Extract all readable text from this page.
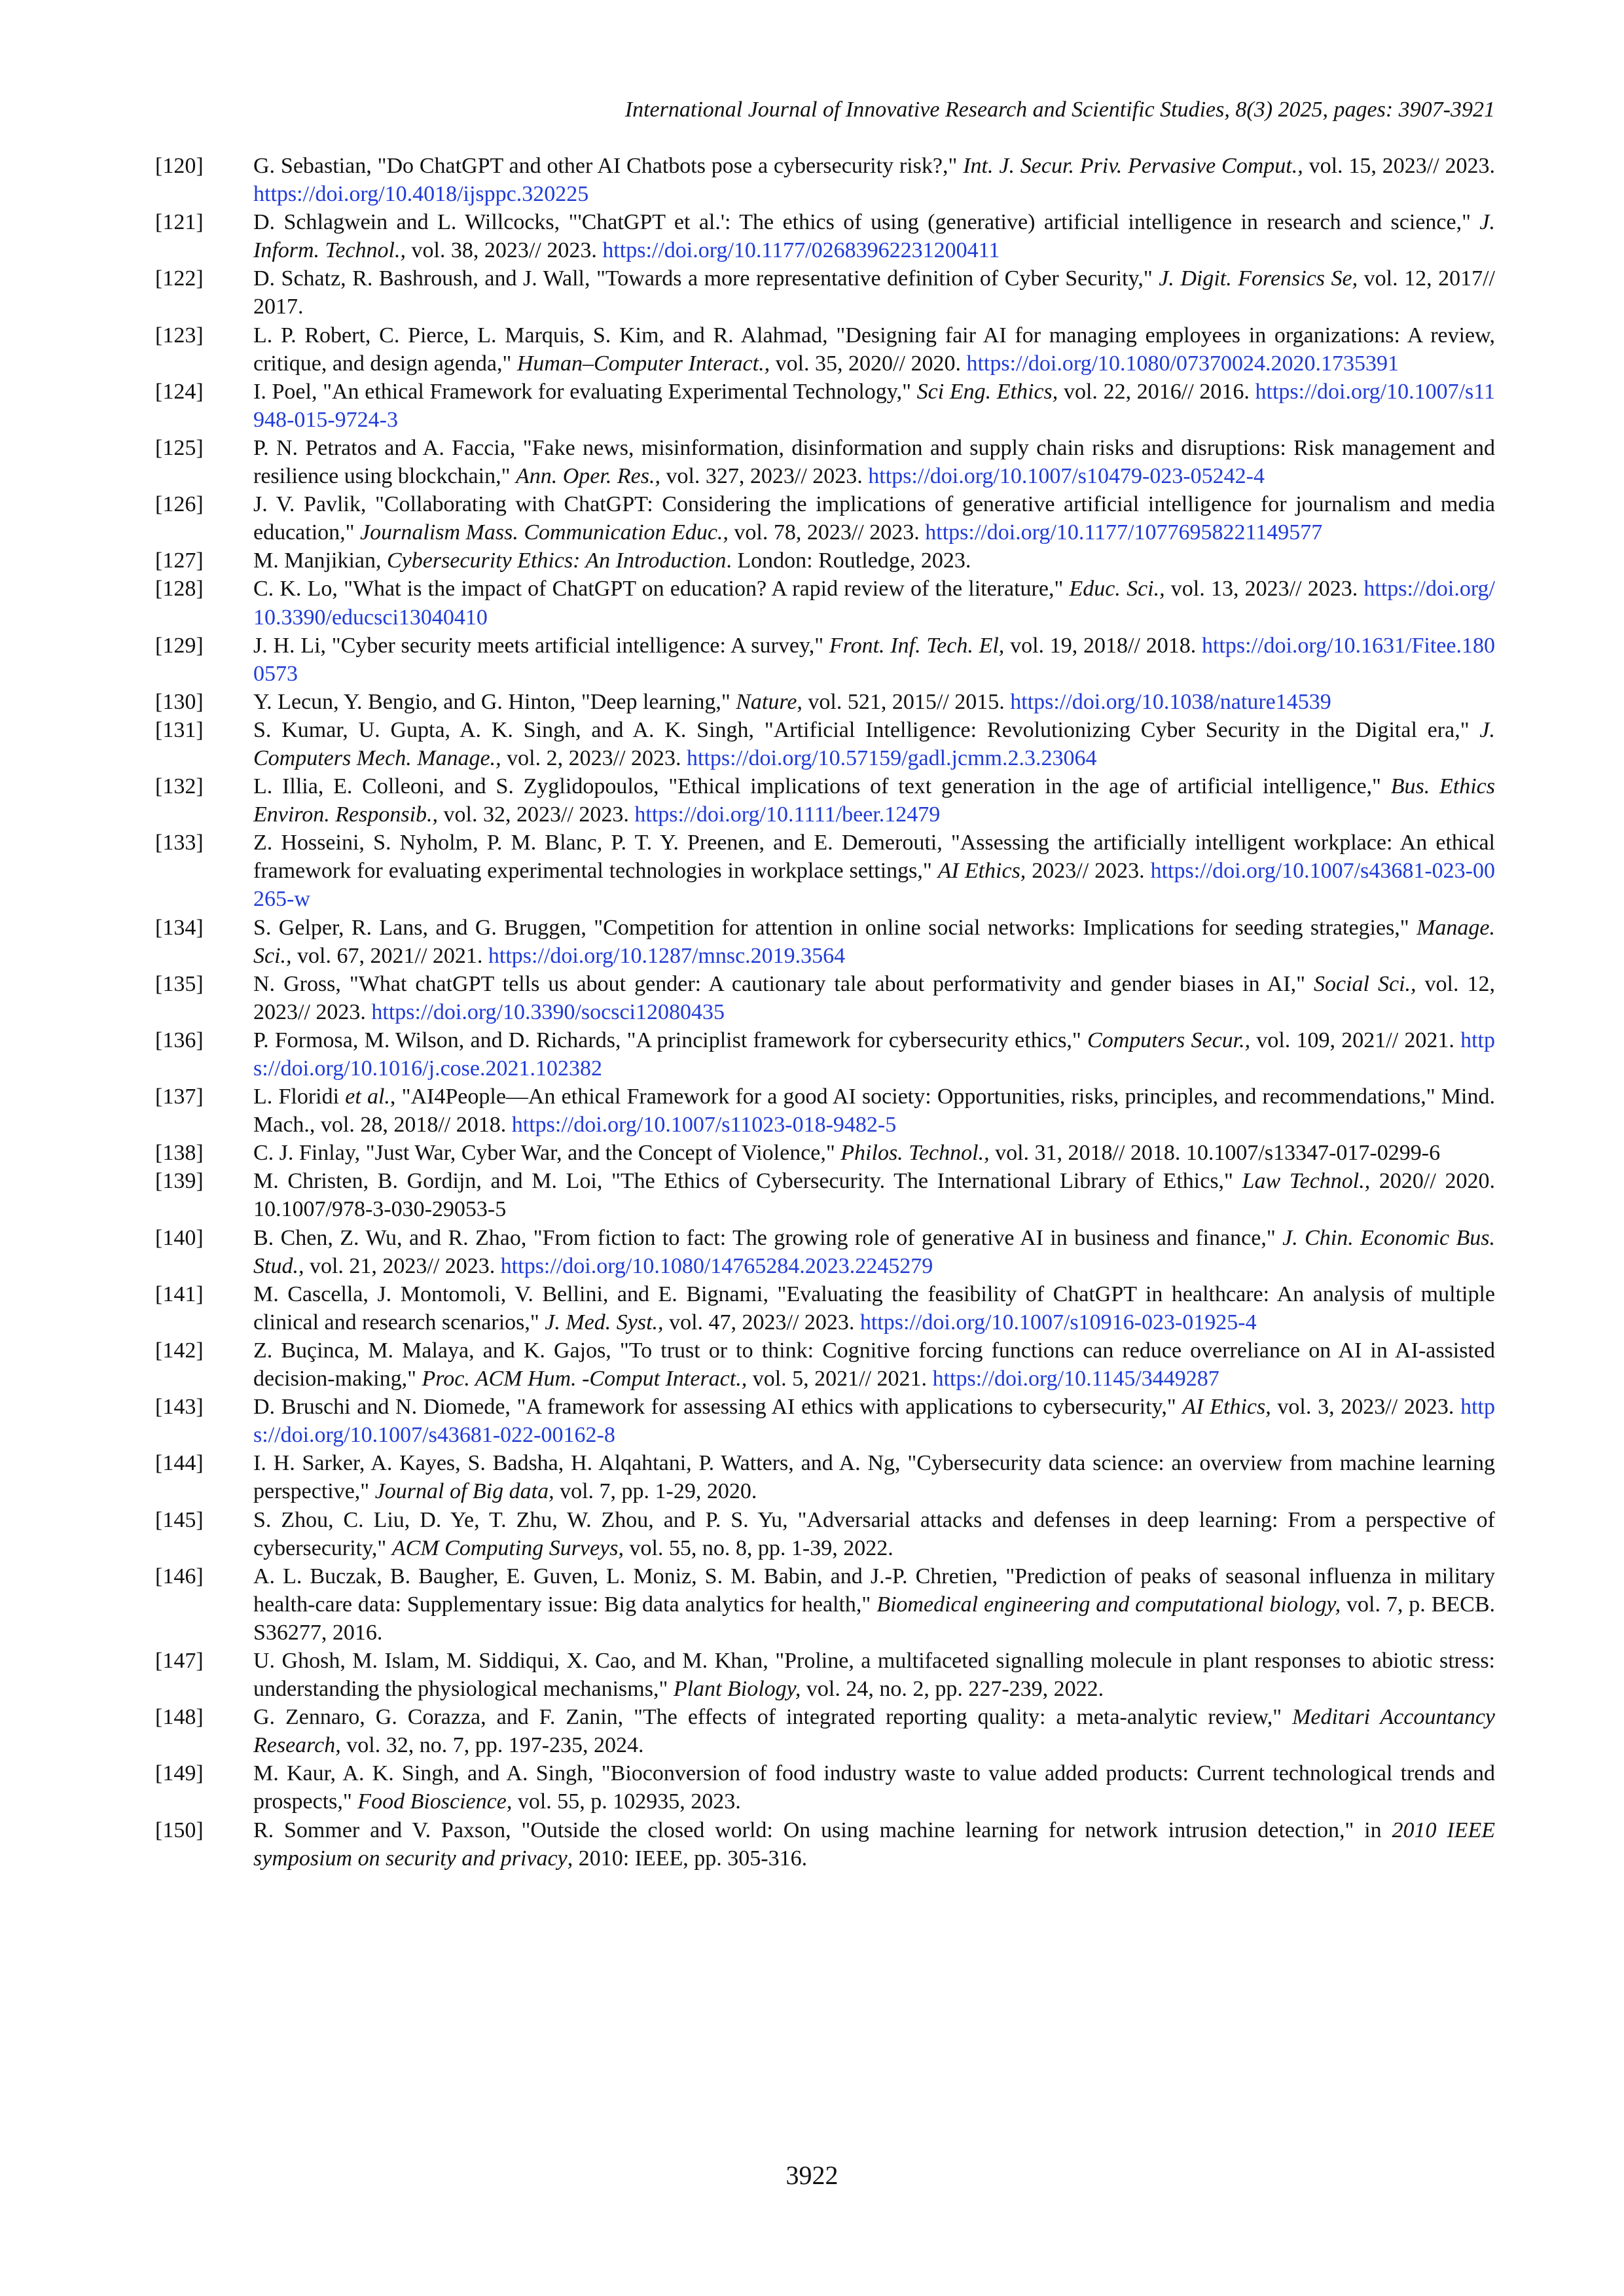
International Journal of Innovative Research and Scientific Studies, 8(3) 2025, pages: 3907-3921
[120]	G. Sebastian, "Do ChatGPT and other AI Chatbots pose a cybersecurity risk?," Int. J. Secur. Priv. Pervasive Comput., vol. 15, 2023// 2023. https://doi.org/10.4018/ijsppc.320225
[121]	D. Schlagwein and L. Willcocks, "'ChatGPT et al.': The ethics of using (generative) artificial intelligence in research and science," J. Inform. Technol., vol. 38, 2023// 2023. https://doi.org/10.1177/02683962231200411
[122]	D. Schatz, R. Bashroush, and J. Wall, "Towards a more representative definition of Cyber Security," J. Digit. Forensics Se, vol. 12, 2017// 2017.
[123]	L. P. Robert, C. Pierce, L. Marquis, S. Kim, and R. Alahmad, "Designing fair AI for managing employees in organizations: A review, critique, and design agenda," Human–Computer Interact., vol. 35, 2020// 2020. https://doi.org/10.1080/07370024.2020.1735391
[124]	I. Poel, "An ethical Framework for evaluating Experimental Technology," Sci Eng. Ethics, vol. 22, 2016// 2016. https://doi.org/10.1007/s11948-015-9724-3
[125]	P. N. Petratos and A. Faccia, "Fake news, misinformation, disinformation and supply chain risks and disruptions: Risk management and resilience using blockchain," Ann. Oper. Res., vol. 327, 2023// 2023. https://doi.org/10.1007/s10479-023-05242-4
[126]	J. V. Pavlik, "Collaborating with ChatGPT: Considering the implications of generative artificial intelligence for journalism and media education," Journalism Mass. Communication Educ., vol. 78, 2023// 2023. https://doi.org/10.1177/10776958221149577
[127]	M. Manjikian, Cybersecurity Ethics: An Introduction. London: Routledge, 2023.
[128]	C. K. Lo, "What is the impact of ChatGPT on education? A rapid review of the literature," Educ. Sci., vol. 13, 2023// 2023. https://doi.org/10.3390/educsci13040410
[129]	J. H. Li, "Cyber security meets artificial intelligence: A survey," Front. Inf. Tech. El, vol. 19, 2018// 2018. https://doi.org/10.1631/Fitee.1800573
[130]	Y. Lecun, Y. Bengio, and G. Hinton, "Deep learning," Nature, vol. 521, 2015// 2015. https://doi.org/10.1038/nature14539
[131]	S. Kumar, U. Gupta, A. K. Singh, and A. K. Singh, "Artificial Intelligence: Revolutionizing Cyber Security in the Digital era," J. Computers Mech. Manage., vol. 2, 2023// 2023. https://doi.org/10.57159/gadl.jcmm.2.3.23064
[132]	L. Illia, E. Colleoni, and S. Zyglidopoulos, "Ethical implications of text generation in the age of artificial intelligence," Bus. Ethics Environ. Responsib., vol. 32, 2023// 2023. https://doi.org/10.1111/beer.12479
[133]	Z. Hosseini, S. Nyholm, P. M. Blanc, P. T. Y. Preenen, and E. Demerouti, "Assessing the artificially intelligent workplace: An ethical framework for evaluating experimental technologies in workplace settings," AI Ethics, 2023// 2023. https://doi.org/10.1007/s43681-023-00265-w
[134]	S. Gelper, R. Lans, and G. Bruggen, "Competition for attention in online social networks: Implications for seeding strategies," Manage. Sci., vol. 67, 2021// 2021. https://doi.org/10.1287/mnsc.2019.3564
[135]	N. Gross, "What chatGPT tells us about gender: A cautionary tale about performativity and gender biases in AI," Social Sci., vol. 12, 2023// 2023. https://doi.org/10.3390/socsci12080435
[136]	P. Formosa, M. Wilson, and D. Richards, "A principlist framework for cybersecurity ethics," Computers Secur., vol. 109, 2021// 2021. https://doi.org/10.1016/j.cose.2021.102382
[137]	L. Floridi et al., "AI4People—An ethical Framework for a good AI society: Opportunities, risks, principles, and recommendations," Mind. Mach., vol. 28, 2018// 2018. https://doi.org/10.1007/s11023-018-9482-5
[138]	C. J. Finlay, "Just War, Cyber War, and the Concept of Violence," Philos. Technol., vol. 31, 2018// 2018. 10.1007/s13347-017-0299-6
[139]	M. Christen, B. Gordijn, and M. Loi, "The Ethics of Cybersecurity. The International Library of Ethics," Law Technol., 2020// 2020. 10.1007/978-3-030-29053-5
[140]	B. Chen, Z. Wu, and R. Zhao, "From fiction to fact: The growing role of generative AI in business and finance," J. Chin. Economic Bus. Stud., vol. 21, 2023// 2023. https://doi.org/10.1080/14765284.2023.2245279
[141]	M. Cascella, J. Montomoli, V. Bellini, and E. Bignami, "Evaluating the feasibility of ChatGPT in healthcare: An analysis of multiple clinical and research scenarios," J. Med. Syst., vol. 47, 2023// 2023. https://doi.org/10.1007/s10916-023-01925-4
[142]	Z. Buçinca, M. Malaya, and K. Gajos, "To trust or to think: Cognitive forcing functions can reduce overreliance on AI in AI-assisted decision-making," Proc. ACM Hum. -Comput Interact., vol. 5, 2021// 2021. https://doi.org/10.1145/3449287
[143]	D. Bruschi and N. Diomede, "A framework for assessing AI ethics with applications to cybersecurity," AI Ethics, vol. 3, 2023// 2023. https://doi.org/10.1007/s43681-022-00162-8
[144]	I. H. Sarker, A. Kayes, S. Badsha, H. Alqahtani, P. Watters, and A. Ng, "Cybersecurity data science: an overview from machine learning perspective," Journal of Big data, vol. 7, pp. 1-29, 2020.
[145]	S. Zhou, C. Liu, D. Ye, T. Zhu, W. Zhou, and P. S. Yu, "Adversarial attacks and defenses in deep learning: From a perspective of cybersecurity," ACM Computing Surveys, vol. 55, no. 8, pp. 1-39, 2022.
[146]	A. L. Buczak, B. Baugher, E. Guven, L. Moniz, S. M. Babin, and J.-P. Chretien, "Prediction of peaks of seasonal influenza in military health-care data: Supplementary issue: Big data analytics for health," Biomedical engineering and computational biology, vol. 7, p. BECB. S36277, 2016.
[147]	U. Ghosh, M. Islam, M. Siddiqui, X. Cao, and M. Khan, "Proline, a multifaceted signalling molecule in plant responses to abiotic stress: understanding the physiological mechanisms," Plant Biology, vol. 24, no. 2, pp. 227-239, 2022.
[148]	G. Zennaro, G. Corazza, and F. Zanin, "The effects of integrated reporting quality: a meta-analytic review," Meditari Accountancy Research, vol. 32, no. 7, pp. 197-235, 2024.
[149]	M. Kaur, A. K. Singh, and A. Singh, "Bioconversion of food industry waste to value added products: Current technological trends and prospects," Food Bioscience, vol. 55, p. 102935, 2023.
[150]	R. Sommer and V. Paxson, "Outside the closed world: On using machine learning for network intrusion detection," in 2010 IEEE symposium on security and privacy, 2010: IEEE, pp. 305-316.
3922
